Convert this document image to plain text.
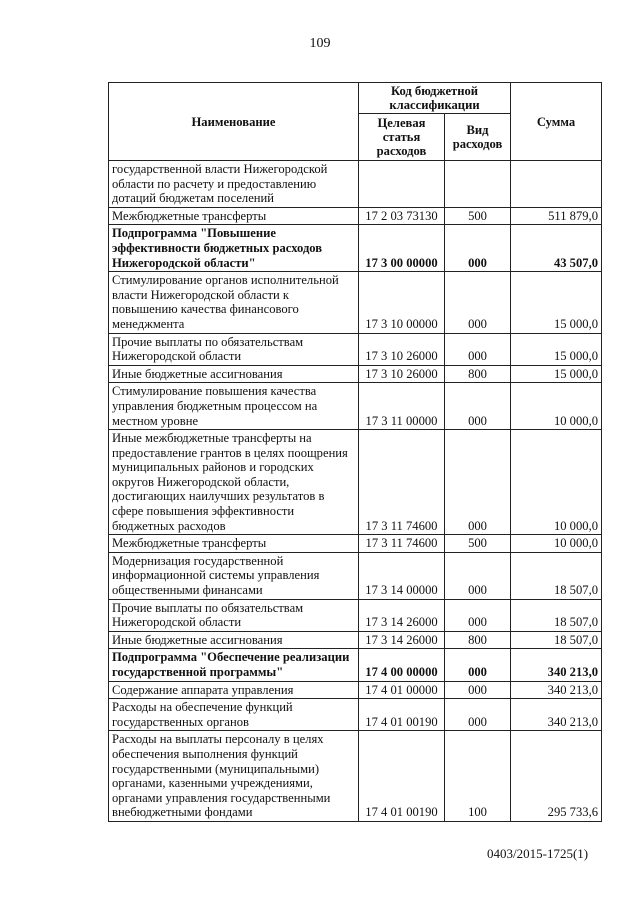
109
Наименование	Код бюджетной классификации		Сумма
	Целевая статья расходов	Вид расходов	
государственной власти Нижегородской области по расчету и предоставлению дотаций бюджетам поселений			
Межбюджетные трансферты	17 2 03 73130	500	511 879,0
Подпрограмма "Повышение эффективности бюджетных расходов Нижегородской области"	17 3 00 00000	000	43 507,0
Стимулирование органов исполнительной власти Нижегородской области к повышению качества финансового менеджмента	17 3 10 00000	000	15 000,0
Прочие выплаты по обязательствам Нижегородской области	17 3 10 26000	000	15 000,0
Иные бюджетные ассигнования	17 3 10 26000	800	15 000,0
Стимулирование повышения качества управления бюджетным процессом на местном уровне	17 3 11 00000	000	10 000,0
Иные межбюджетные трансферты на предоставление грантов в целях поощрения муниципальных районов и городских округов Нижегородской области, достигающих наилучших результатов в сфере повышения эффективности бюджетных расходов	17 3 11 74600	000	10 000,0
Межбюджетные трансферты	17 3 11 74600	500	10 000,0
Модернизация государственной информационной системы управления общественными финансами	17 3 14 00000	000	18 507,0
Прочие выплаты по обязательствам Нижегородской области	17 3 14 26000	000	18 507,0
Иные бюджетные ассигнования	17 3 14 26000	800	18 507,0
Подпрограмма "Обеспечение реализации государственной программы"	17 4 00 00000	000	340 213,0
Содержание аппарата управления	17 4 01 00000	000	340 213,0
Расходы на обеспечение функций государственных органов	17 4 01 00190	000	340 213,0
Расходы на выплаты персоналу в целях обеспечения выполнения функций государственными (муниципальными) органами, казенными учреждениями, органами управления государственными внебюджетными фондами	17 4 01 00190	100	295 733,6
0403/2015-1725(1)
